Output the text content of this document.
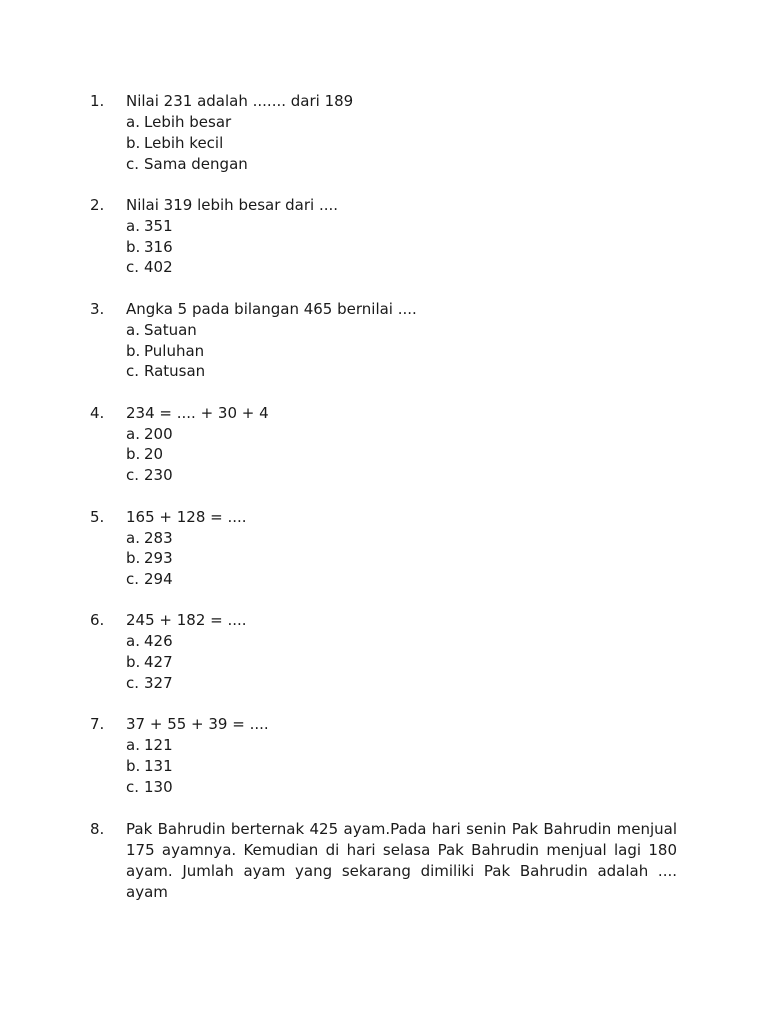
1. Nilai 231 adalah ....... dari 189
a. Lebih besar
b. Lebih kecil
c. Sama dengan
2. Nilai 319 lebih besar dari ....
a. 351
b. 316
c. 402
3. Angka 5 pada bilangan 465 bernilai ....
a. Satuan
b. Puluhan
c. Ratusan
4. 234 = .... + 30 + 4
a. 200
b. 20
c. 230
5. 165 + 128 = ....
a. 283
b. 293
c. 294
6. 245 + 182 = ....
a. 426
b. 427
c. 327
7. 37 + 55 + 39 = ....
a. 121
b. 131
c. 130
8. Pak Bahrudin berternak 425 ayam.Pada hari senin Pak Bahrudin menjual 175 ayamnya. Kemudian di hari selasa Pak Bahrudin menjual lagi 180 ayam. Jumlah ayam yang sekarang dimiliki Pak Bahrudin adalah .... ayam
